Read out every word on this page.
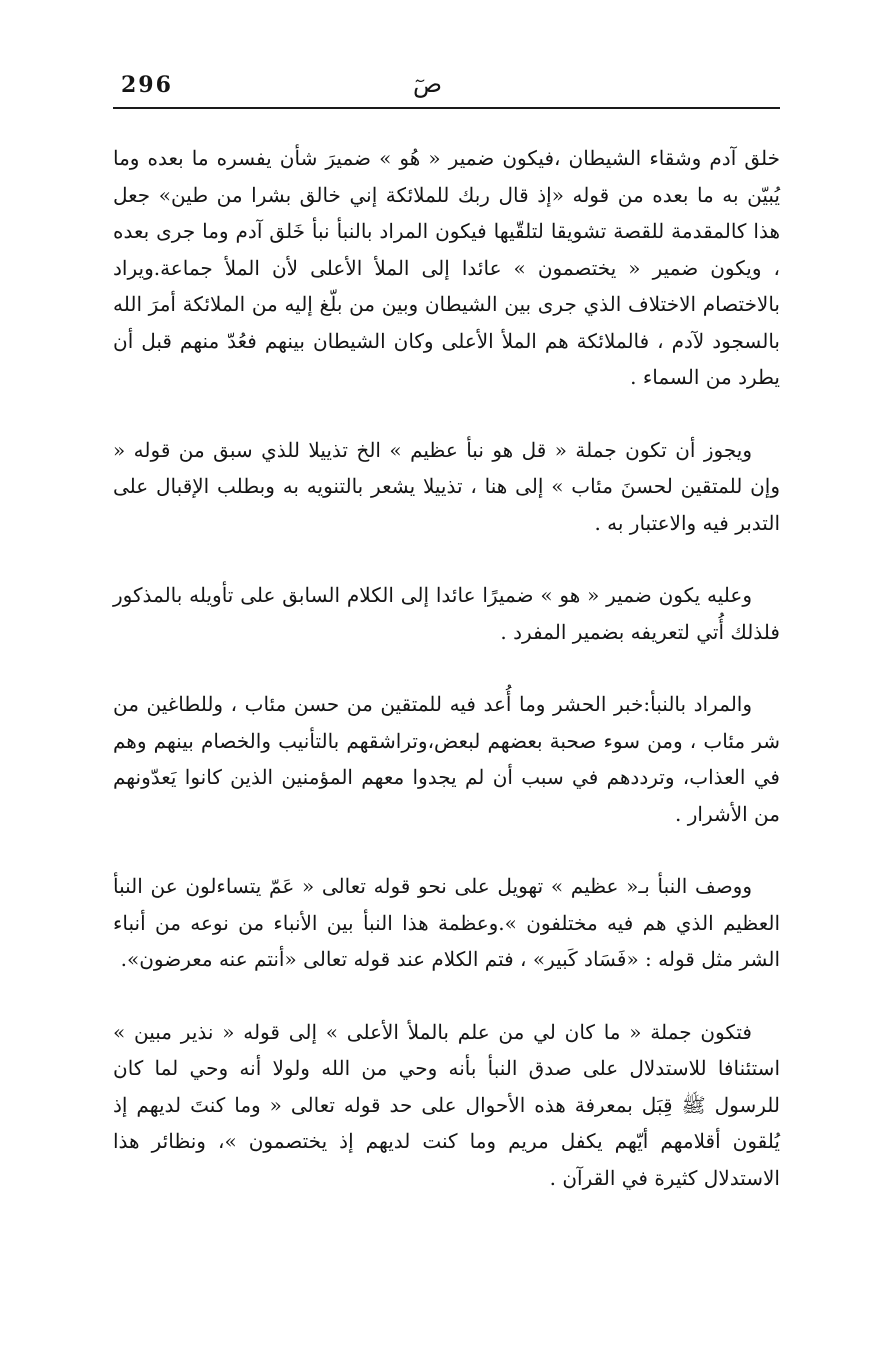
296	صٓ

خلق آدم وشقاء الشيطان ،فيكون ضمير « هُو » ضميرَ شأن يفسره ما بعده وما يُبيّن به ما بعده من قوله «إذ قال ربك للملائكة إني خالق بشرا من طين» جعل هذا كالمقدمة للقصة تشويقا لتلقّيها فيكون المراد بالنبأ نبأ خَلق آدم وما جرى بعده ، ويكون ضمير « يختصمون » عائدا إلى الملأ الأعلى لأن الملأ جماعة.ويراد بالاختصام الاختلاف الذي جرى بين الشيطان وبين من بلّغ إليه من الملائكة أمرَ الله بالسجود لآدم ، فالملائكة هم الملأ الأعلى وكان الشيطان بينهم فعُدّ منهم قبل أن يطرد من السماء .

ويجوز أن تكون جملة « قل هو نبأ عظيم » الخ تذييلا للذي سبق من قوله « وإن للمتقين لحسنَ مئاب » إلى هنا ، تذييلا يشعر بالتنويه به وبطلب الإقبال على التدبر فيه والاعتبار به .

وعليه يكون ضمير « هو » ضميرًا عائدا إلى الكلام السابق على تأويله بالمذكور فلذلك أُتي لتعريفه بضمير المفرد .

والمراد بالنبأ:خبر الحشر وما أُعد فيه للمتقين من حسن مئاب ، وللطاغين من شر مئاب ، ومن سوء صحبة بعضهم لبعض،وتراشقهم بالتأنيب والخصام بينهم وهم في العذاب، وترددهم في سبب أن لم يجدوا معهم المؤمنين الذين كانوا يَعدّونهم من الأشرار .

ووصف النبأ بـ« عظيم » تهويل على نحو قوله تعالى « عَمّ يتساءلون عن النبأ العظيم الذي هم فيه مختلفون ».وعظمة هذا النبأ بين الأنباء من نوعه من أنباء الشر مثل قوله : «فَسَاد كَبير» ، فتم الكلام عند قوله تعالى «أنتم عنه معرضون».

فتكون جملة « ما كان لي من علم بالملأ الأعلى » إلى قوله « نذير مبين » استئنافا للاستدلال على صدق النبأ بأنه وحي من الله ولولا أنه وحي لما كان للرسول ﷺ قِبَل بمعرفة هذه الأحوال على حد قوله تعالى « وما كنتَ لديهم إذ يُلقون أقلامهم أيّهم يكفل مريم وما كنت لديهم إذ يختصمون »، ونظائر هذا الاستدلال كثيرة في القرآن .
